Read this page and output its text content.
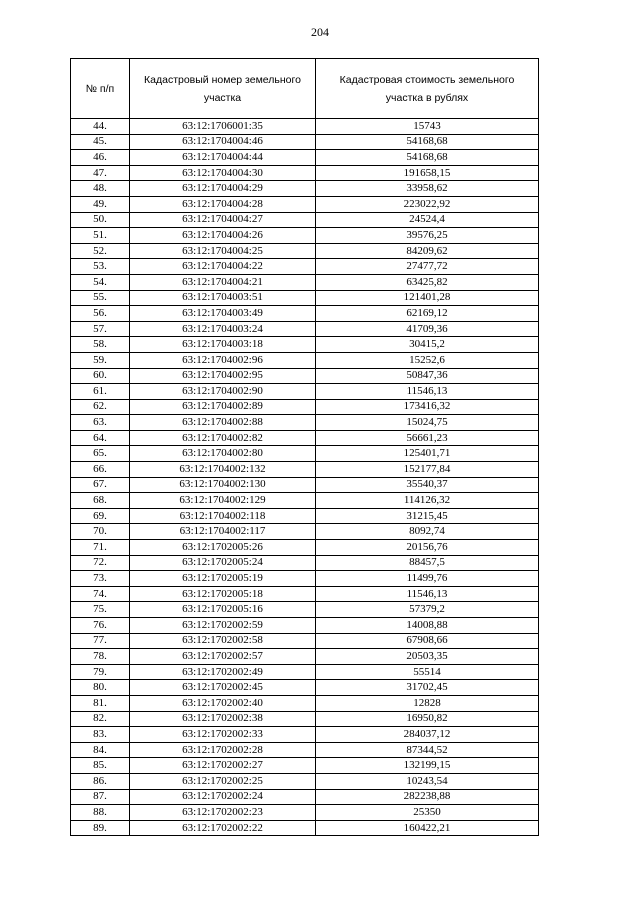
204
№ п/п	Кадастровый номер земельного участка	Кадастровая стоимость земельного участка в рублях
44.	63:12:1706001:35	15743
45.	63:12:1704004:46	54168,68
46.	63:12:1704004:44	54168,68
47.	63:12:1704004:30	191658,15
48.	63:12:1704004:29	33958,62
49.	63:12:1704004:28	223022,92
50.	63:12:1704004:27	24524,4
51.	63:12:1704004:26	39576,25
52.	63:12:1704004:25	84209,62
53.	63:12:1704004:22	27477,72
54.	63:12:1704004:21	63425,82
55.	63:12:1704003:51	121401,28
56.	63:12:1704003:49	62169,12
57.	63:12:1704003:24	41709,36
58.	63:12:1704003:18	30415,2
59.	63:12:1704002:96	15252,6
60.	63:12:1704002:95	50847,36
61.	63:12:1704002:90	11546,13
62.	63:12:1704002:89	173416,32
63.	63:12:1704002:88	15024,75
64.	63:12:1704002:82	56661,23
65.	63:12:1704002:80	125401,71
66.	63:12:1704002:132	152177,84
67.	63:12:1704002:130	35540,37
68.	63:12:1704002:129	114126,32
69.	63:12:1704002:118	31215,45
70.	63:12:1704002:117	8092,74
71.	63:12:1702005:26	20156,76
72.	63:12:1702005:24	88457,5
73.	63:12:1702005:19	11499,76
74.	63:12:1702005:18	11546,13
75.	63:12:1702005:16	57379,2
76.	63:12:1702002:59	14008,88
77.	63:12:1702002:58	67908,66
78.	63:12:1702002:57	20503,35
79.	63:12:1702002:49	55514
80.	63:12:1702002:45	31702,45
81.	63:12:1702002:40	12828
82.	63:12:1702002:38	16950,82
83.	63:12:1702002:33	284037,12
84.	63:12:1702002:28	87344,52
85.	63:12:1702002:27	132199,15
86.	63:12:1702002:25	10243,54
87.	63:12:1702002:24	282238,88
88.	63:12:1702002:23	25350
89.	63:12:1702002:22	160422,21
